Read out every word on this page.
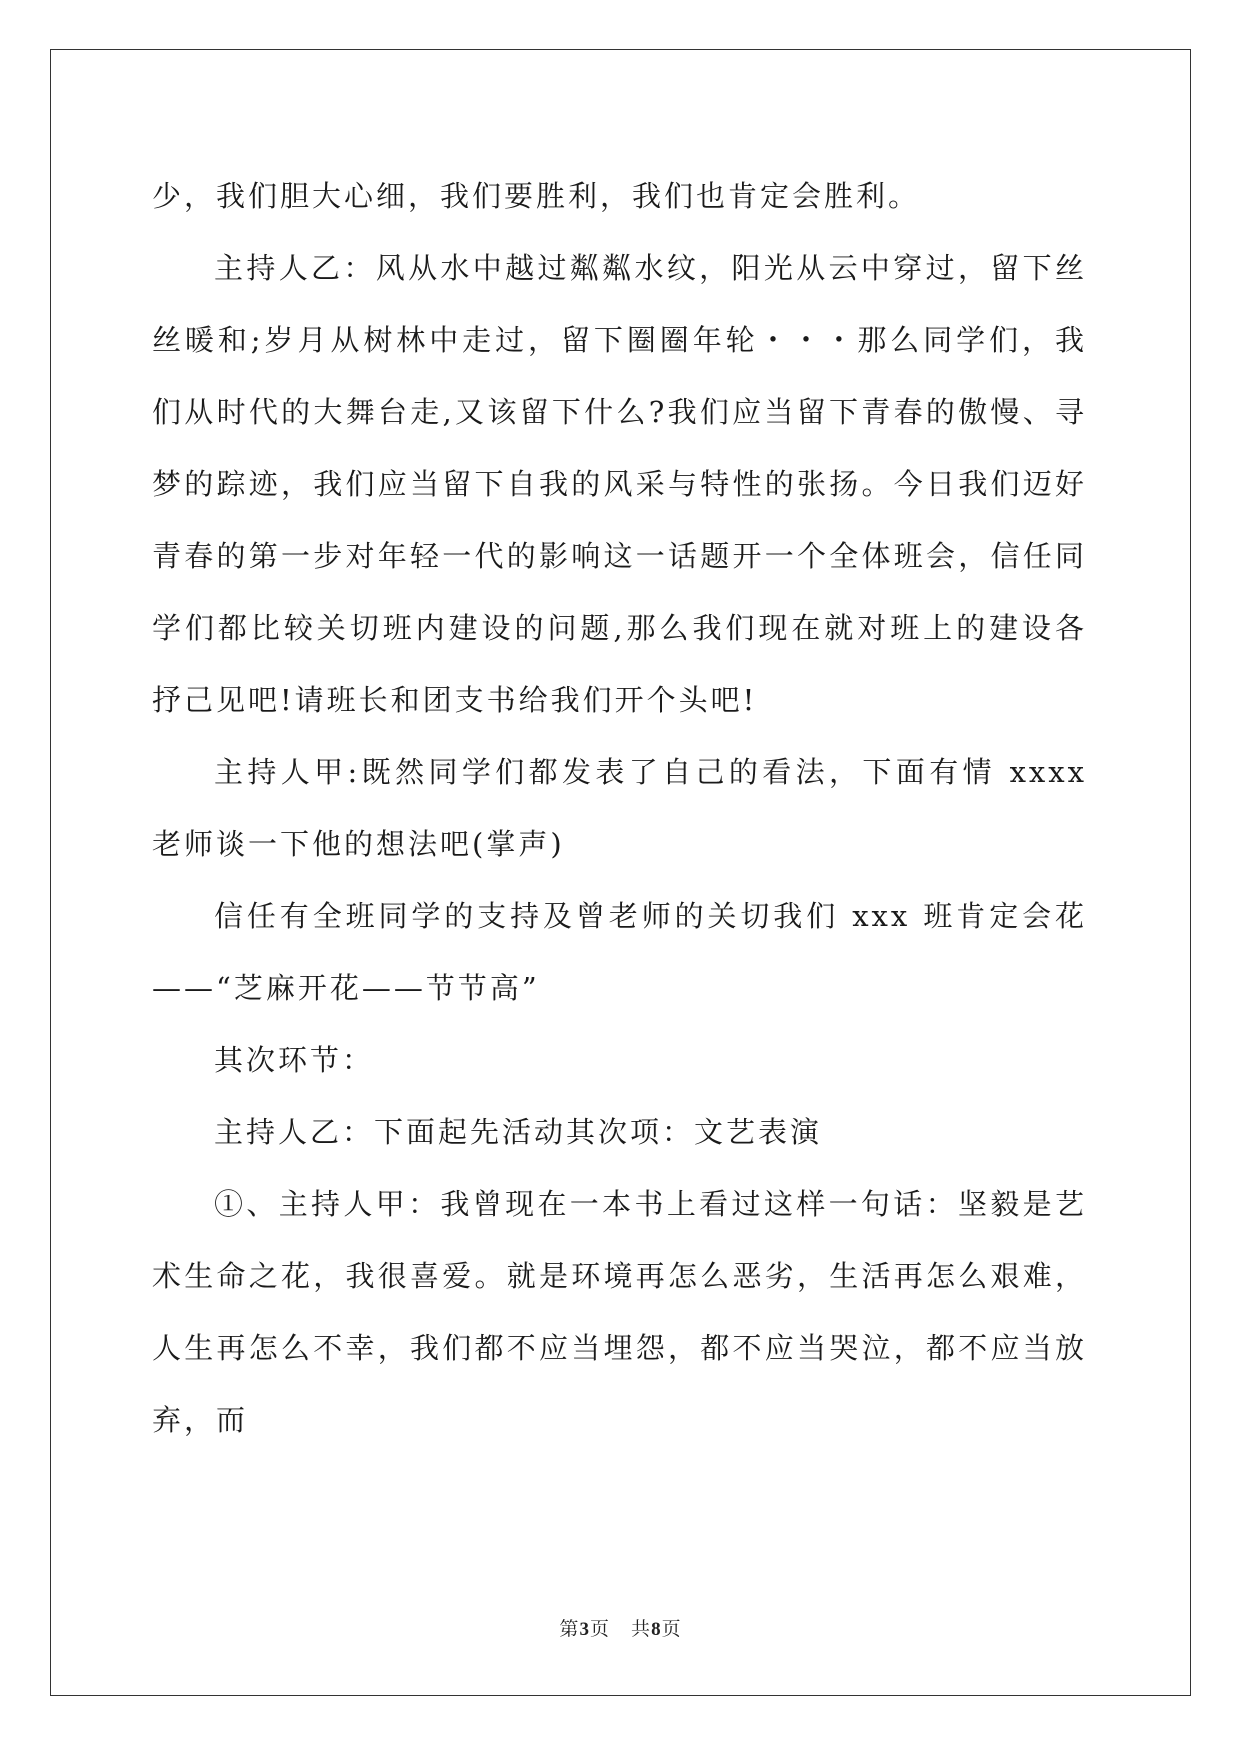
少，我们胆大心细，我们要胜利，我们也肯定会胜利。

主持人乙：风从水中越过粼粼水纹，阳光从云中穿过，留下丝丝暖和;岁月从树林中走过，留下圈圈年轮・・・那么同学们，我们从时代的大舞台走,又该留下什么?我们应当留下青春的傲慢、寻梦的踪迹，我们应当留下自我的风采与特性的张扬。今日我们迈好青春的第一步对年轻一代的影响这一话题开一个全体班会，信任同学们都比较关切班内建设的问题,那么我们现在就对班上的建设各抒己见吧!请班长和团支书给我们开个头吧!

主持人甲:既然同学们都发表了自己的看法，下面有情 xxxx 老师谈一下他的想法吧(掌声)

信任有全班同学的支持及曾老师的关切我们 xxx 班肯定会花——“芝麻开花——节节高”

其次环节：

主持人乙：下面起先活动其次项：文艺表演

①、主持人甲：我曾现在一本书上看过这样一句话：坚毅是艺术生命之花，我很喜爱。就是环境再怎么恶劣，生活再怎么艰难，人生再怎么不幸，我们都不应当埋怨，都不应当哭泣，都不应当放弃，而

第3页   共8页
